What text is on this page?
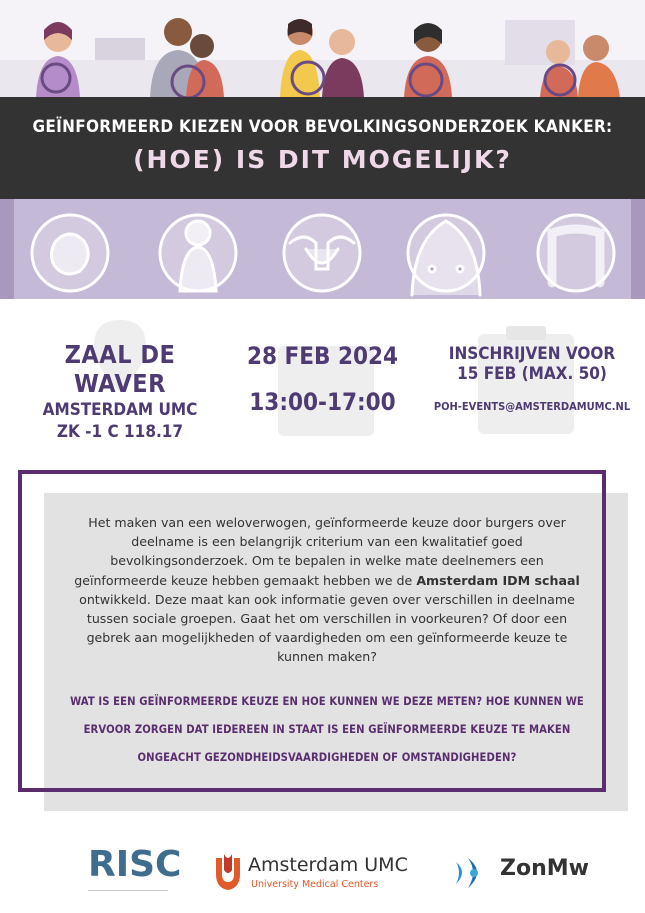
GEÏNFORMEERD KIEZEN VOOR BEVOLKINGSONDERZOEK KANKER:
(HOE) IS DIT MOGELIJK?
ZAAL DE WAVER
AMSTERDAM UMC
ZK -1 C 118.17
28 FEB 2024
13:00-17:00
INSCHRIJVEN VOOR
15 FEB (MAX. 50)
POH-EVENTS@AMSTERDAMUMC.NL
Het maken van een weloverwogen, geïnformeerde keuze door burgers over deelname is een belangrijk criterium van een kwalitatief goed bevolkingsonderzoek. Om te bepalen in welke mate deelnemers een geïnformeerde keuze hebben gemaakt hebben we de Amsterdam IDM schaal ontwikkeld. Deze maat kan ook informatie geven over verschillen in deelname tussen sociale groepen. Gaat het om verschillen in voorkeuren? Of door een gebrek aan mogelijkheden of vaardigheden om een geïnformeerde keuze te kunnen maken?
WAT IS EEN GEÏNFORMEERDE KEUZE EN HOE KUNNEN WE DEZE METEN? HOE KUNNEN WE ERVOOR ZORGEN DAT IEDEREEN IN STAAT IS EEN GEÏNFORMEERDE KEUZE TE MAKEN ONGEACHT GEZONDHEIDSVAARDIGHEDEN OF OMSTANDIGHEDEN?
RISC	Amsterdam UMC
University Medical Centers
ZonMw
